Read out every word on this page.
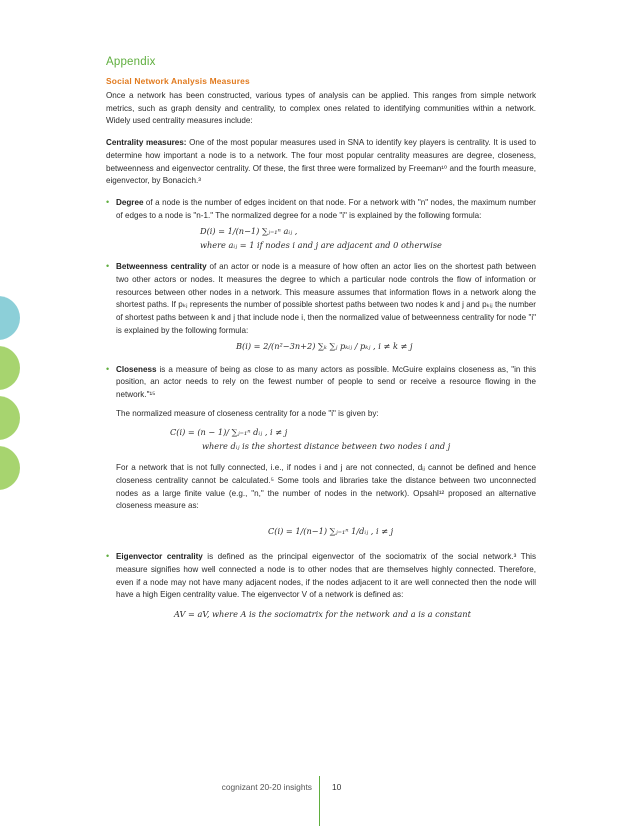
Appendix
Social Network Analysis Measures

Once a network has been constructed, various types of analysis can be applied. This ranges from simple network metrics, such as graph density and centrality, to complex ones related to identifying communities within a network. Widely used centrality measures include:

Centrality measures: One of the most popular measures used in SNA to identify key players is centrality. It is used to determine how important a node is to a network. The four most popular centrality measures are degree, closeness, betweenness and eigenvector centrality. Of these, the first three were formalized by Freeman¹⁰ and the fourth measure, eigenvector, by Bonacich.³

• Degree of a node is the number of edges incident on that node. For a network with "n" nodes, the maximum number of edges to a node is "n-1." The normalized degree for a node "i" is explained by the following formula:

D(i) = 1/(n−1) ∑ⱼ₌₁ⁿ aᵢⱼ ,
where aᵢⱼ = 1 if nodes i and j are adjacent and 0 otherwise
• Betweenness centrality of an actor or node is a measure of how often an actor lies on the shortest path between two other actors or nodes. It measures the degree to which a particular node controls the flow of information or resources between other nodes in a network. This measure assumes that information flows in a network along the shortest paths. If pₖⱼ represents the number of possible shortest paths between two nodes k and j and pₖᵢⱼ the number of shortest paths between k and j that include node i, then the normalized value of betweenness centrality for node "i" is explained by the following formula:

B(i) = 2/(n²−3n+2) ∑ₖ ∑ⱼ pₖᵢⱼ / pₖⱼ , i ≠ k ≠ j
• Closeness is a measure of being as close to as many actors as possible. McGuire explains closeness as, "in this position, an actor needs to rely on the fewest number of people to send or receive a resource flowing in the network."¹⁵

The normalized measure of closeness centrality for a node "i" is given by:

C(i) = (n − 1)/ ∑ⱼ₌₁ⁿ dᵢⱼ , i ≠ j
where dᵢⱼ is the shortest distance between two nodes i and j

For a network that is not fully connected, i.e., if nodes i and j are not connected, dᵢⱼ cannot be defined and hence closeness centrality cannot be calculated.⁵ Some tools and libraries take the distance between two unconnected nodes as a large finite value (e.g., "n," the number of nodes in the network). Opsahl¹² proposed an alternative closeness measure as:

C(i) = 1/(n−1) ∑ⱼ₌₁ⁿ 1/dᵢⱼ , i ≠ j
• Eigenvector centrality is defined as the principal eigenvector of the sociomatrix of the social network.³ This measure signifies how well connected a node is to other nodes that are themselves highly connected. Therefore, even if a node may not have many adjacent nodes, if the nodes adjacent to it are well connected then the node will have a high Eigen centrality value. The eigenvector V of a network is defined as:

AV = aV, where A is the sociomatrix for the network and a is a constant
cognizant 20-20 insights 10
